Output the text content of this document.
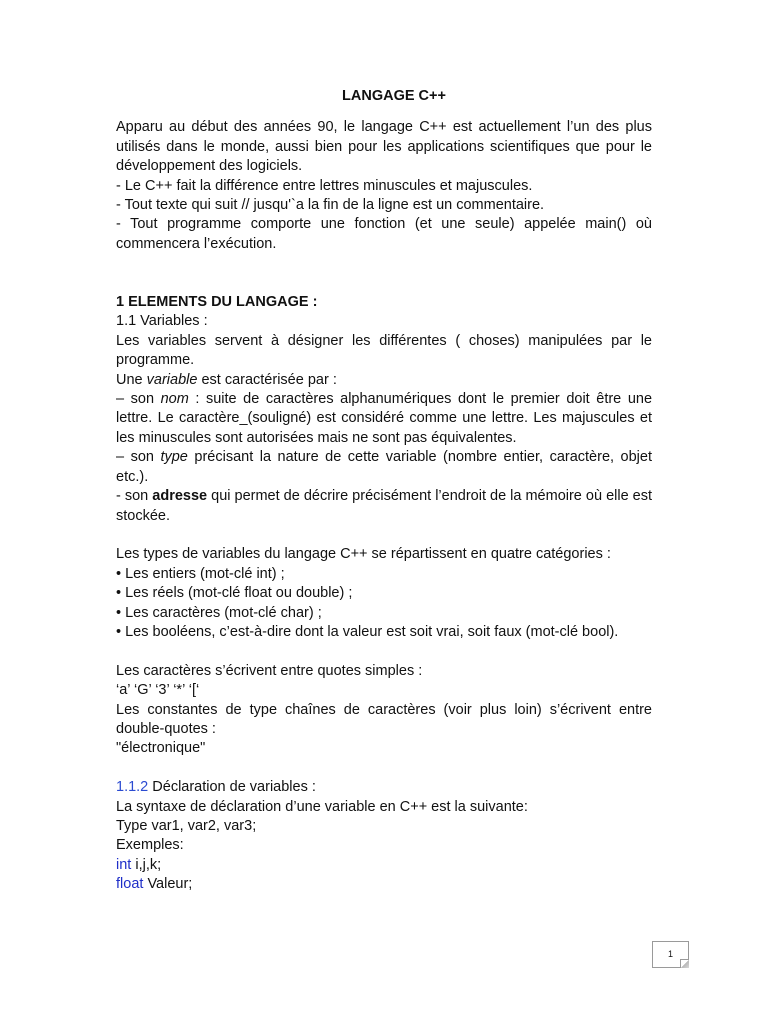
LANGAGE C++

Apparu au début des années 90, le langage C++ est actuellement l’un des plus utilisés dans le monde, aussi bien pour les applications scientifiques que pour le développement des logiciels.

- Le C++ fait la différence entre lettres minuscules et majuscules.

- Tout texte qui suit // jusqu'`a la fin de la ligne est un commentaire.

- Tout programme comporte une fonction (et une seule) appelée main() où commencera l’exécution.

1 ELEMENTS DU LANGAGE :

1.1 Variables :

Les variables servent à désigner les différentes ( choses) manipulées par le programme.

Une variable est caractérisée par :

– son nom : suite de caractères alphanumériques dont le premier doit être une lettre. Le caractère_(souligné) est considéré comme une lettre. Les majuscules et les minuscules sont autorisées mais ne sont pas équivalentes.

– son type précisant la nature de cette variable (nombre entier, caractère, objet etc.).

- son adresse qui permet de décrire précisément l’endroit de la mémoire où elle est stockée.

Les types de variables du langage C++ se répartissent en quatre catégories :

• Les entiers (mot-clé int) ;

• Les réels (mot-clé float ou double) ;

• Les caractères (mot-clé char) ;

• Les booléens, c’est-à-dire dont la valeur est soit vrai, soit faux (mot-clé bool).

Les caractères s’écrivent entre quotes simples :

‘a’ ‘G’ ‘3’ ‘*’ ‘[‘

Les constantes de type chaînes de caractères (voir plus loin) s’écrivent entre double-quotes :

"électronique"

1.1.2 Déclaration de variables :

La syntaxe de déclaration d’une variable en C++ est la suivante:

Type var1, var2, var3;

Exemples:

int i,j,k;

float Valeur;

1
